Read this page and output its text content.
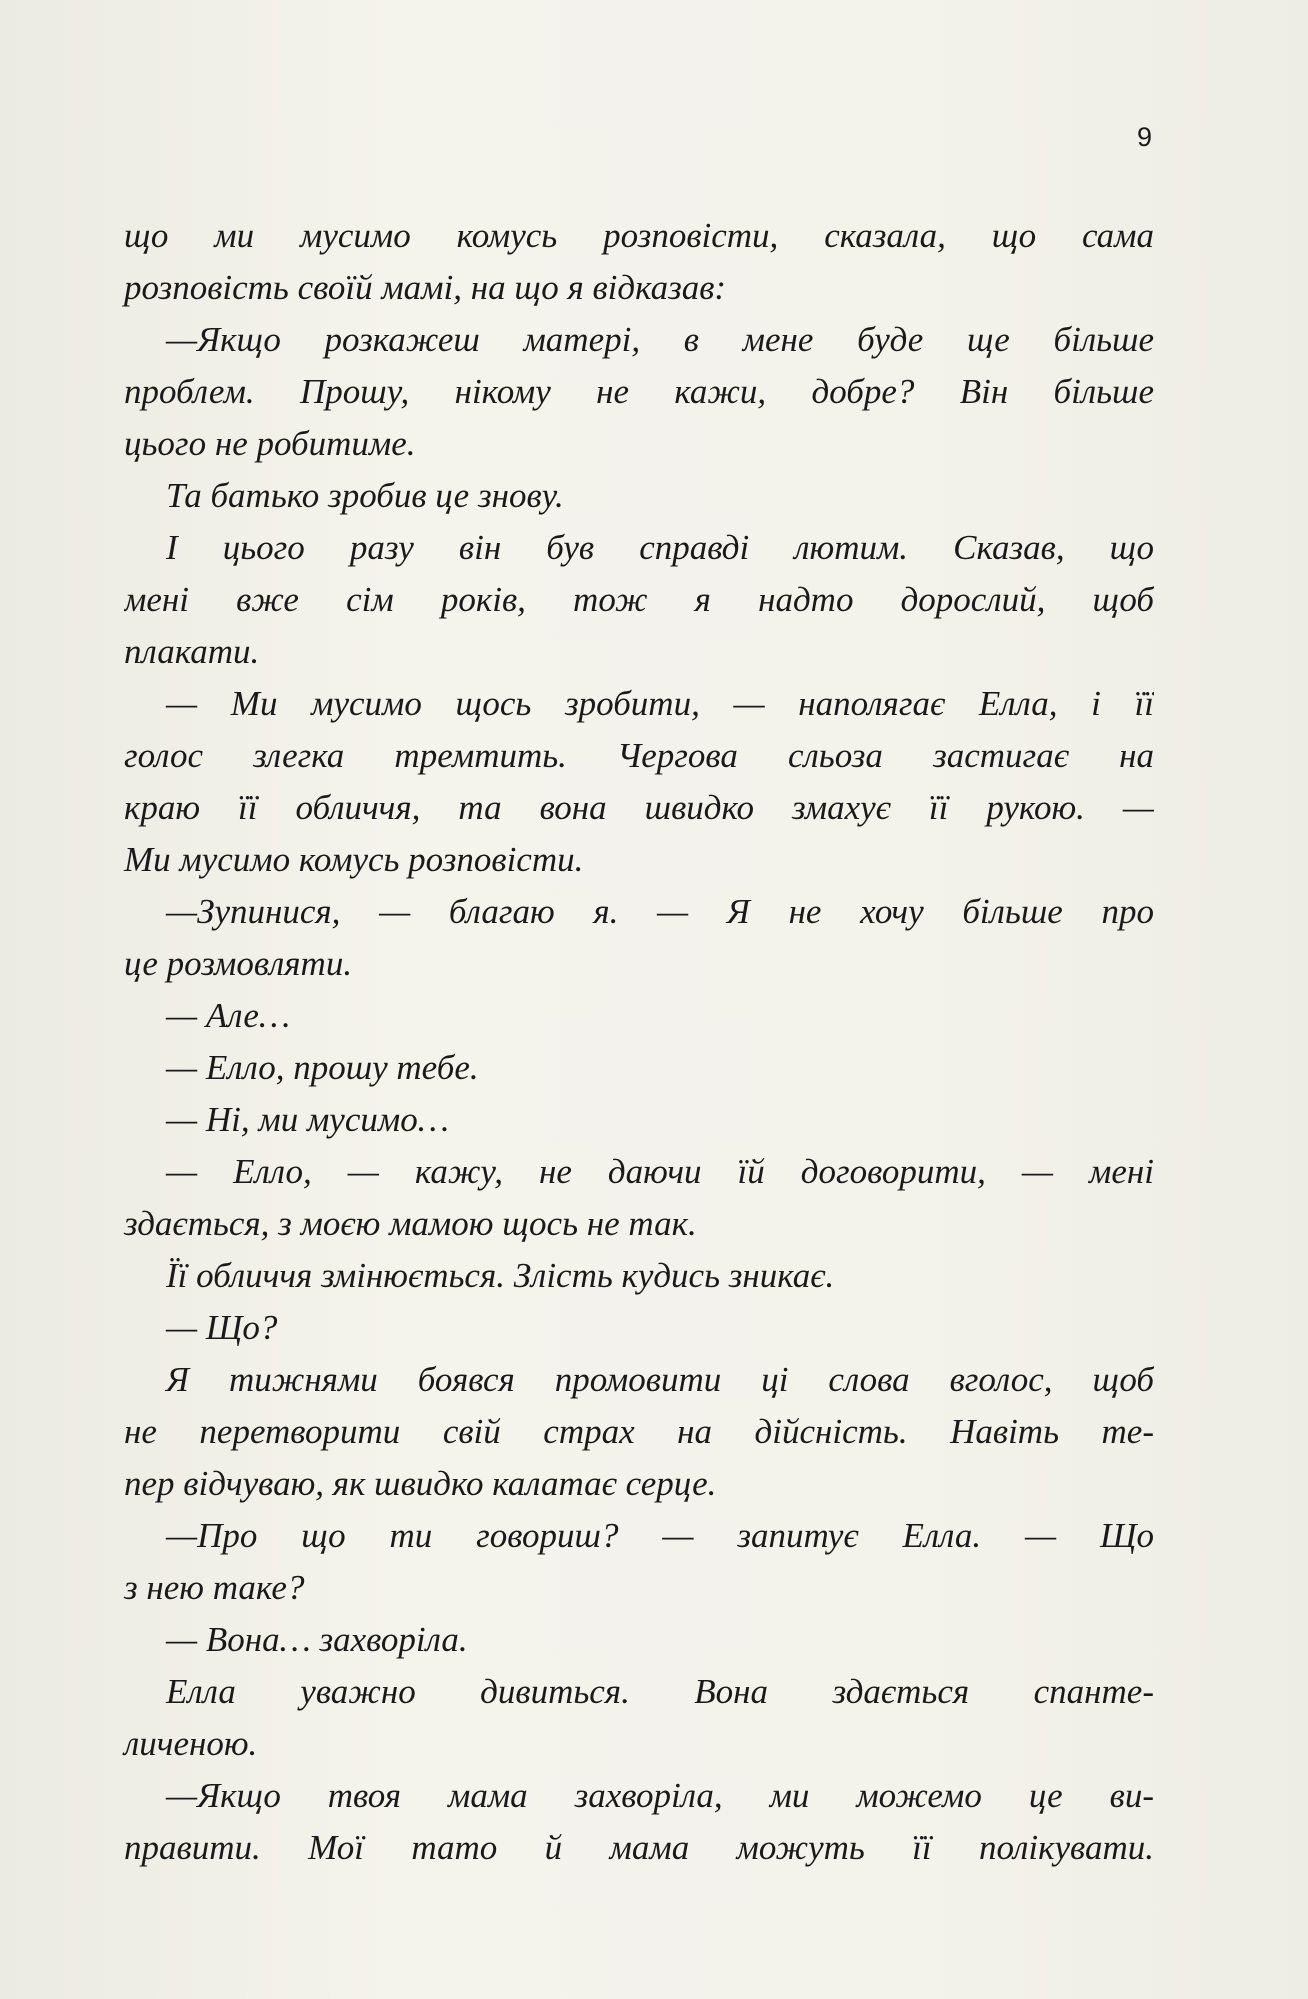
9
що ми мусимо комусь розповісти, сказала, що сама
розповість своїй мамі, на що я відказав:
—Якщо розкажеш матері, в мене буде ще більше
проблем. Прошу, нікому не кажи, добре? Він більше
цього не робитиме.
Та батько зробив це знову.
І цього разу він був справді лютим. Сказав, що
мені вже сім років, тож я надто дорослий, щоб
плакати.
— Ми мусимо щось зробити, — наполягає Елла, і її
голос злегка тремтить. Чергова сльоза застигає на
краю її обличчя, та вона швидко змахує її рукою. —
Ми мусимо комусь розповісти.
—Зупинися, — благаю я. — Я не хочу більше про
це розмовляти.
— Але…
— Елло, прошу тебе.
— Ні, ми мусимо…
— Елло, — кажу, не даючи їй договорити, — мені
здається, з моєю мамою щось не так.
Її обличчя змінюється. Злість кудись зникає.
— Що?
Я тижнями боявся промовити ці слова вголос, щоб
не перетворити свій страх на дійсність. Навіть те-
пер відчуваю, як швидко калатає серце.
—Про що ти говориш? — запитує Елла. — Що
з нею таке?
— Вона… захворіла.
Елла уважно дивиться. Вона здається спанте-
личеною.
—Якщо твоя мама захворіла, ми можемо це ви-
правити. Мої тато й мама можуть її полікувати.
